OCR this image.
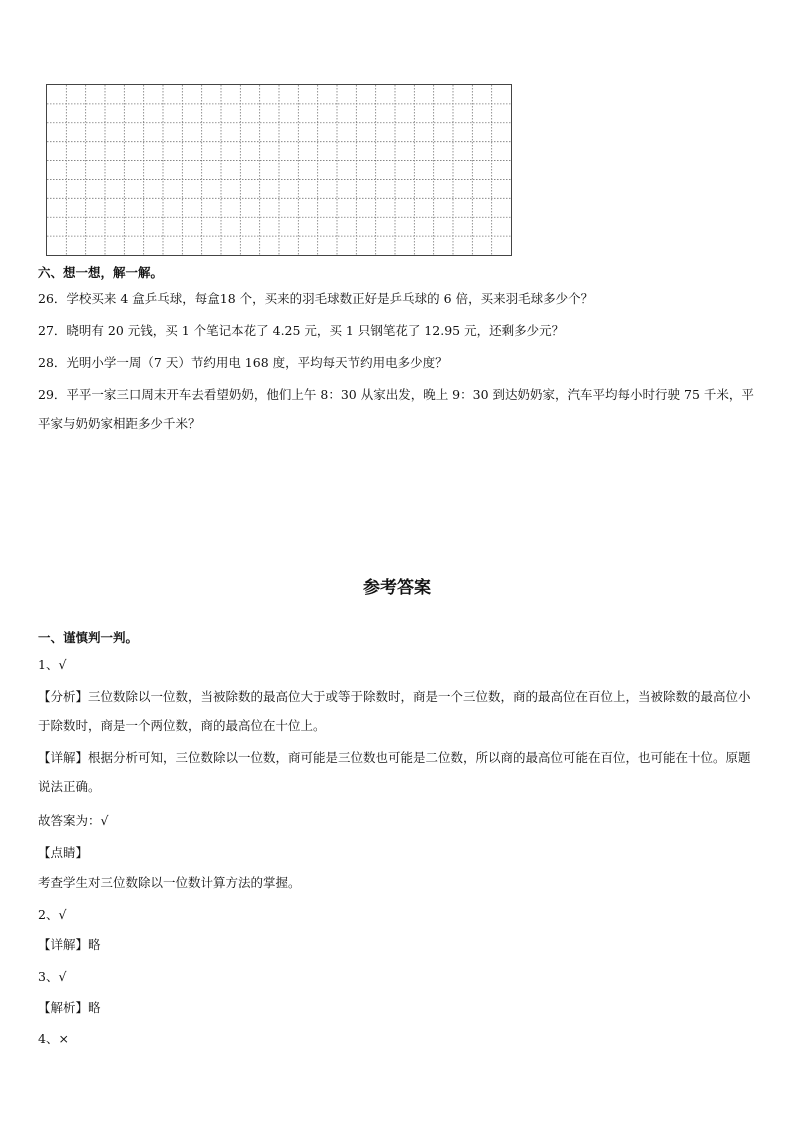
六、想一想，解一解。
26．学校买来 4 盒乒乓球，每盒18 个，买来的羽毛球数正好是乒乓球的 6 倍，买来羽毛球多少个？
27．晓明有 20 元钱，买 1 个笔记本花了 4.25 元，买 1 只钢笔花了 12.95 元，还剩多少元？
28．光明小学一周（7 天）节约用电 168 度，平均每天节约用电多少度？
29．平平一家三口周末开车去看望奶奶，他们上午 8：30 从家出发，晚上 9：30 到达奶奶家，汽车平均每小时行驶 75 千米，平平家与奶奶家相距多少千米？
参考答案
一、谨慎判一判。
1、√
【分析】三位数除以一位数，当被除数的最高位大于或等于除数时，商是一个三位数，商的最高位在百位上，当被除数的最高位小于除数时，商是一个两位数，商的最高位在十位上。
【详解】根据分析可知，三位数除以一位数，商可能是三位数也可能是二位数，所以商的最高位可能在百位，也可能在十位。原题说法正确。
故答案为：√
【点睛】
考查学生对三位数除以一位数计算方法的掌握。
2、√
【详解】略
3、√
【解析】略
4、×
